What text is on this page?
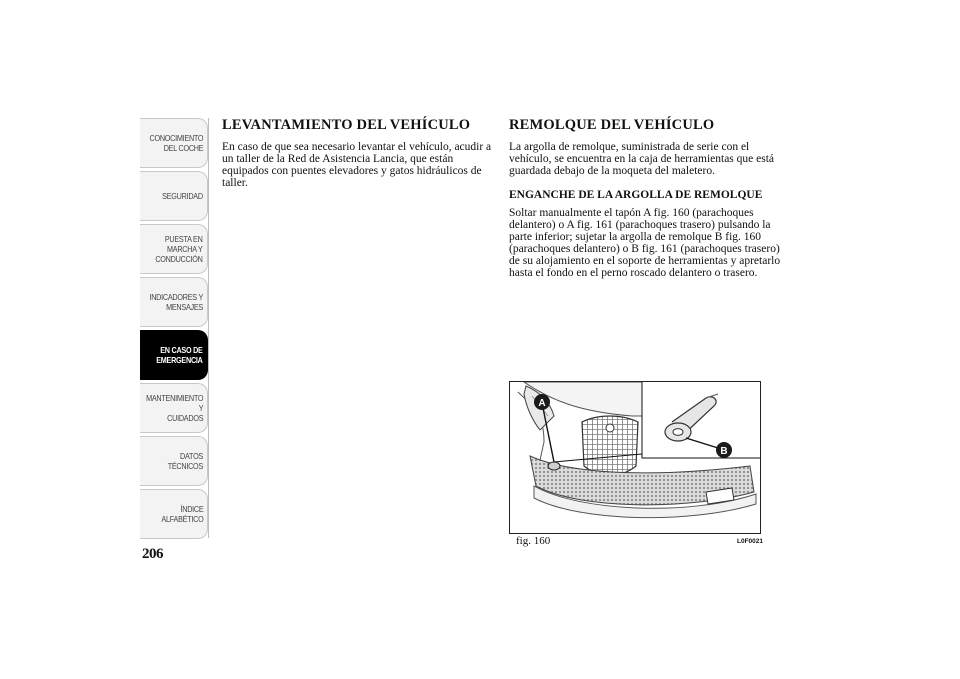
CONOCIMIENTO
DEL COCHE
SEGURIDAD
PUESTA EN
MARCHA Y
CONDUCCIÓN
INDICADORES Y
MENSAJES
EN CASO DE
EMERGENCIA
MANTENIMIENTO Y
CUIDADOS
DATOS TÉCNICOS
ÍNDICE
ALFABÉTICO
206
LEVANTAMIENTO DEL VEHÍCULO

En caso de que sea necesario levantar el vehículo, acudir a un taller de la Red de Asistencia Lancia, que están equipados con puentes elevadores y gatos hidráulicos de taller.

REMOLQUE DEL VEHÍCULO

La argolla de remolque, suministrada de serie con el vehículo, se encuentra en la caja de herramientas que está guardada debajo de la moqueta del maletero.

ENGANCHE DE LA ARGOLLA DE REMOLQUE

Soltar manualmente el tapón A fig. 160 (parachoques delantero) o A fig. 161 (parachoques trasero) pulsando la parte inferior; sujetar la argolla de remolque B fig. 160 (parachoques delantero) o B fig. 161 (parachoques trasero) de su alojamiento en el soporte de herramientas y apretarlo hasta el fondo en el perno roscado delantero o trasero.

A
B
fig. 160	L0F0021
